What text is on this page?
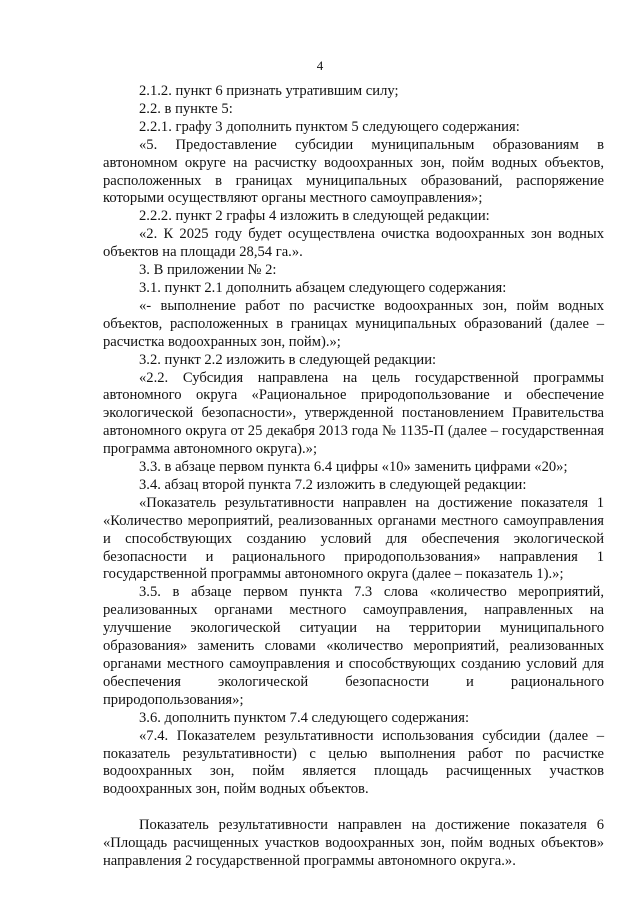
4

2.1.2. пункт 6 признать утратившим силу;

2.2. в пункте 5:

2.2.1. графу 3 дополнить пунктом 5 следующего содержания:

«5. Предоставление субсидии муниципальным образованиям в автономном округе на расчистку водоохранных зон, пойм водных объектов, расположенных в границах муниципальных образований, распоряжение которыми осуществляют органы местного самоуправления»;

2.2.2. пункт 2 графы 4 изложить в следующей редакции:

«2. К 2025 году будет осуществлена очистка водоохранных зон водных объектов на площади 28,54 га.».

3. В приложении № 2:

3.1. пункт 2.1 дополнить абзацем следующего содержания:

«- выполнение работ по расчистке водоохранных зон, пойм водных объектов, расположенных в границах муниципальных образований (далее – расчистка водоохранных зон, пойм).»;

3.2. пункт 2.2 изложить в следующей редакции:

«2.2. Субсидия направлена на цель государственной программы автономного округа «Рациональное природопользование и обеспечение экологической безопасности», утвержденной постановлением Правительства автономного округа от 25 декабря 2013 года № 1135-П (далее – государственная программа автономного округа).»;

3.3. в абзаце первом пункта 6.4 цифры «10» заменить цифрами «20»;

3.4. абзац второй пункта 7.2 изложить в следующей редакции:

«Показатель результативности направлен на достижение показателя 1 «Количество мероприятий, реализованных органами местного самоуправления и способствующих созданию условий для обеспечения экологической безопасности и рационального природопользования» направления 1 государственной программы автономного округа (далее – показатель 1).»;

3.5. в абзаце первом пункта 7.3 слова «количество мероприятий, реализованных органами местного самоуправления, направленных на улучшение экологической ситуации на территории муниципального образования» заменить словами «количество мероприятий, реализованных органами местного самоуправления и способствующих созданию условий для обеспечения экологической безопасности и рационального природопользования»;

3.6. дополнить пунктом 7.4 следующего содержания:

«7.4. Показателем результативности использования субсидии (далее – показатель результативности) с целью выполнения работ по расчистке водоохранных зон, пойм является площадь расчищенных участков водоохранных зон, пойм водных объектов.

Показатель результативности направлен на достижение показателя 6 «Площадь расчищенных участков водоохранных зон, пойм водных объектов» направления 2 государственной программы автономного округа.».
